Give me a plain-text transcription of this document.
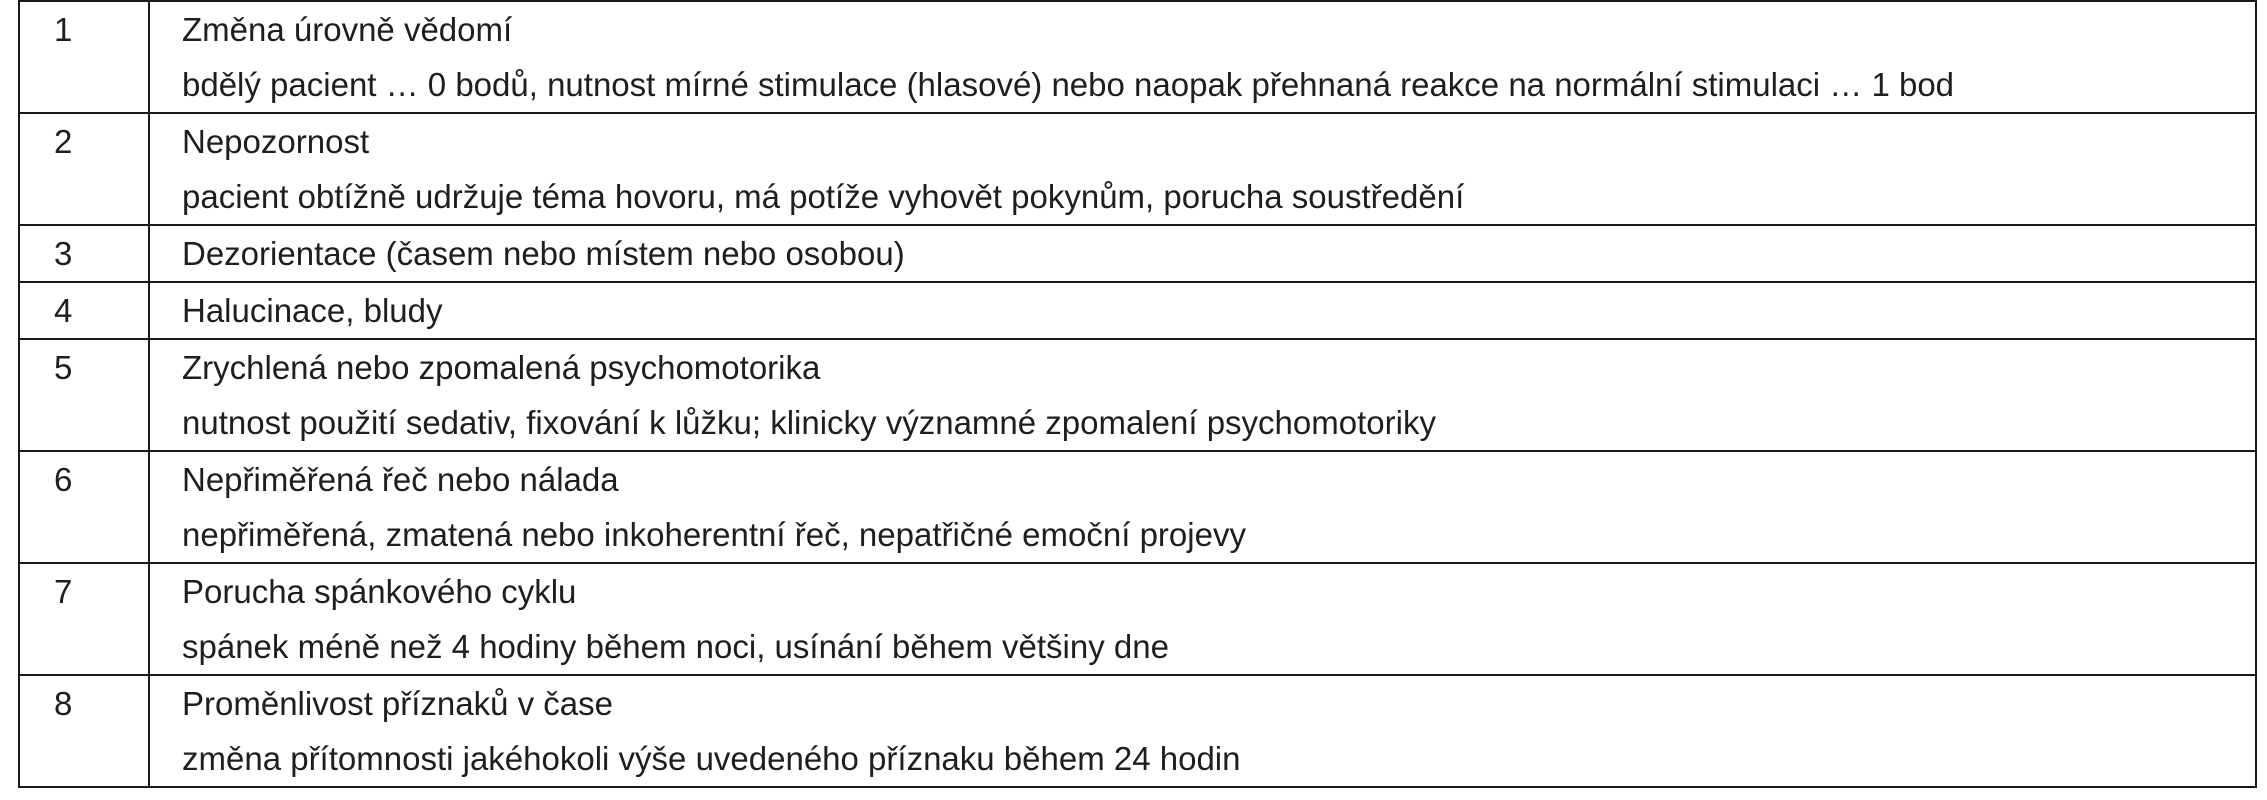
1	Změna úrovně vědomí
bdělý pacient … 0 bodů, nutnost mírné stimulace (hlasové) nebo naopak přehnaná reakce na normální stimulaci … 1 bod

2	Nepozornost
pacient obtížně udržuje téma hovoru, má potíže vyhovět pokynům, porucha soustředění

3	Dezorientace (časem nebo místem nebo osobou)

4	Halucinace, bludy

5	Zrychlená nebo zpomalená psychomotorika
nutnost použití sedativ, fixování k lůžku; klinicky významné zpomalení psychomotoriky

6	Nepřiměřená řeč nebo nálada
nepřiměřená, zmatená nebo inkoherentní řeč, nepatřičné emoční projevy

7	Porucha spánkového cyklu
spánek méně než 4 hodiny během noci, usínání během většiny dne

8	Proměnlivost příznaků v čase
změna přítomnosti jakéhokoli výše uvedeného příznaku během 24 hodin
